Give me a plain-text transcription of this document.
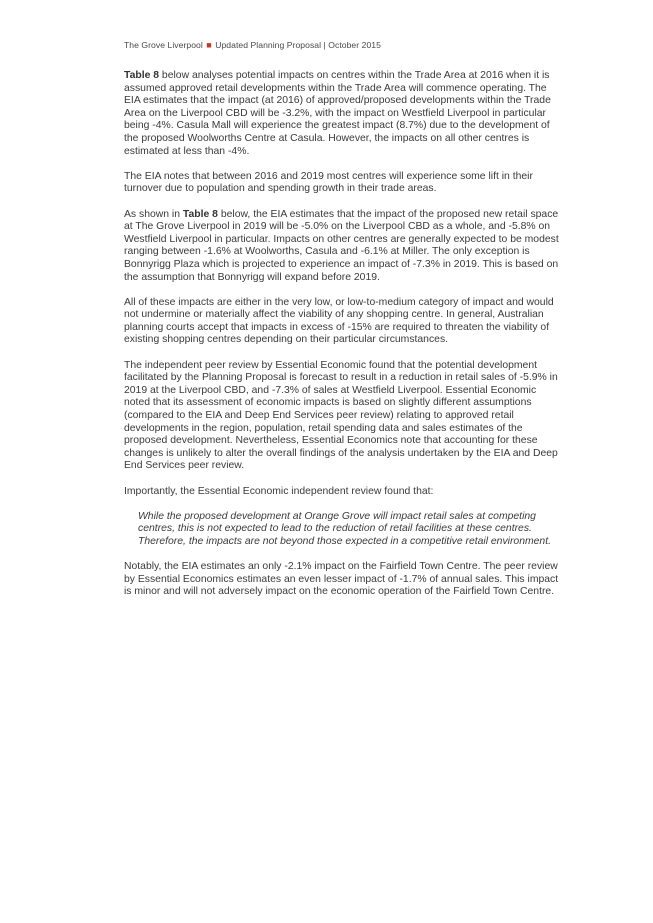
The Grove Liverpool ■ Updated Planning Proposal | October 2015

Table 8 below analyses potential impacts on centres within the Trade Area at 2016 when it is assumed approved retail developments within the Trade Area will commence operating. The EIA estimates that the impact (at 2016) of approved/proposed developments within the Trade Area on the Liverpool CBD will be -3.2%, with the impact on Westfield Liverpool in particular being -4%. Casula Mall will experience the greatest impact (8.7%) due to the development of the proposed Woolworths Centre at Casula. However, the impacts on all other centres is estimated at less than -4%.

The EIA notes that between 2016 and 2019 most centres will experience some lift in their turnover due to population and spending growth in their trade areas.

As shown in Table 8 below, the EIA estimates that the impact of the proposed new retail space at The Grove Liverpool in 2019 will be -5.0% on the Liverpool CBD as a whole, and -5.8% on Westfield Liverpool in particular. Impacts on other centres are generally expected to be modest ranging between -1.6% at Woolworths, Casula and -6.1% at Miller. The only exception is Bonnyrigg Plaza which is projected to experience an impact of -7.3% in 2019. This is based on the assumption that Bonnyrigg will expand before 2019.

All of these impacts are either in the very low, or low-to-medium category of impact and would not undermine or materially affect the viability of any shopping centre. In general, Australian planning courts accept that impacts in excess of -15% are required to threaten the viability of existing shopping centres depending on their particular circumstances.

The independent peer review by Essential Economic found that the potential development facilitated by the Planning Proposal is forecast to result in a reduction in retail sales of -5.9% in 2019 at the Liverpool CBD, and -7.3% of sales at Westfield Liverpool. Essential Economic noted that its assessment of economic impacts is based on slightly different assumptions (compared to the EIA and Deep End Services peer review) relating to approved retail developments in the region, population, retail spending data and sales estimates of the proposed development. Nevertheless, Essential Economics note that accounting for these changes is unlikely to alter the overall findings of the analysis undertaken by the EIA and Deep End Services peer review.

Importantly, the Essential Economic independent review found that:

While the proposed development at Orange Grove will impact retail sales at competing centres, this is not expected to lead to the reduction of retail facilities at these centres. Therefore, the impacts are not beyond those expected in a competitive retail environment.

Notably, the EIA estimates an only -2.1% impact on the Fairfield Town Centre. The peer review by Essential Economics estimates an even lesser impact of -1.7% of annual sales. This impact is minor and will not adversely impact on the economic operation of the Fairfield Town Centre.
